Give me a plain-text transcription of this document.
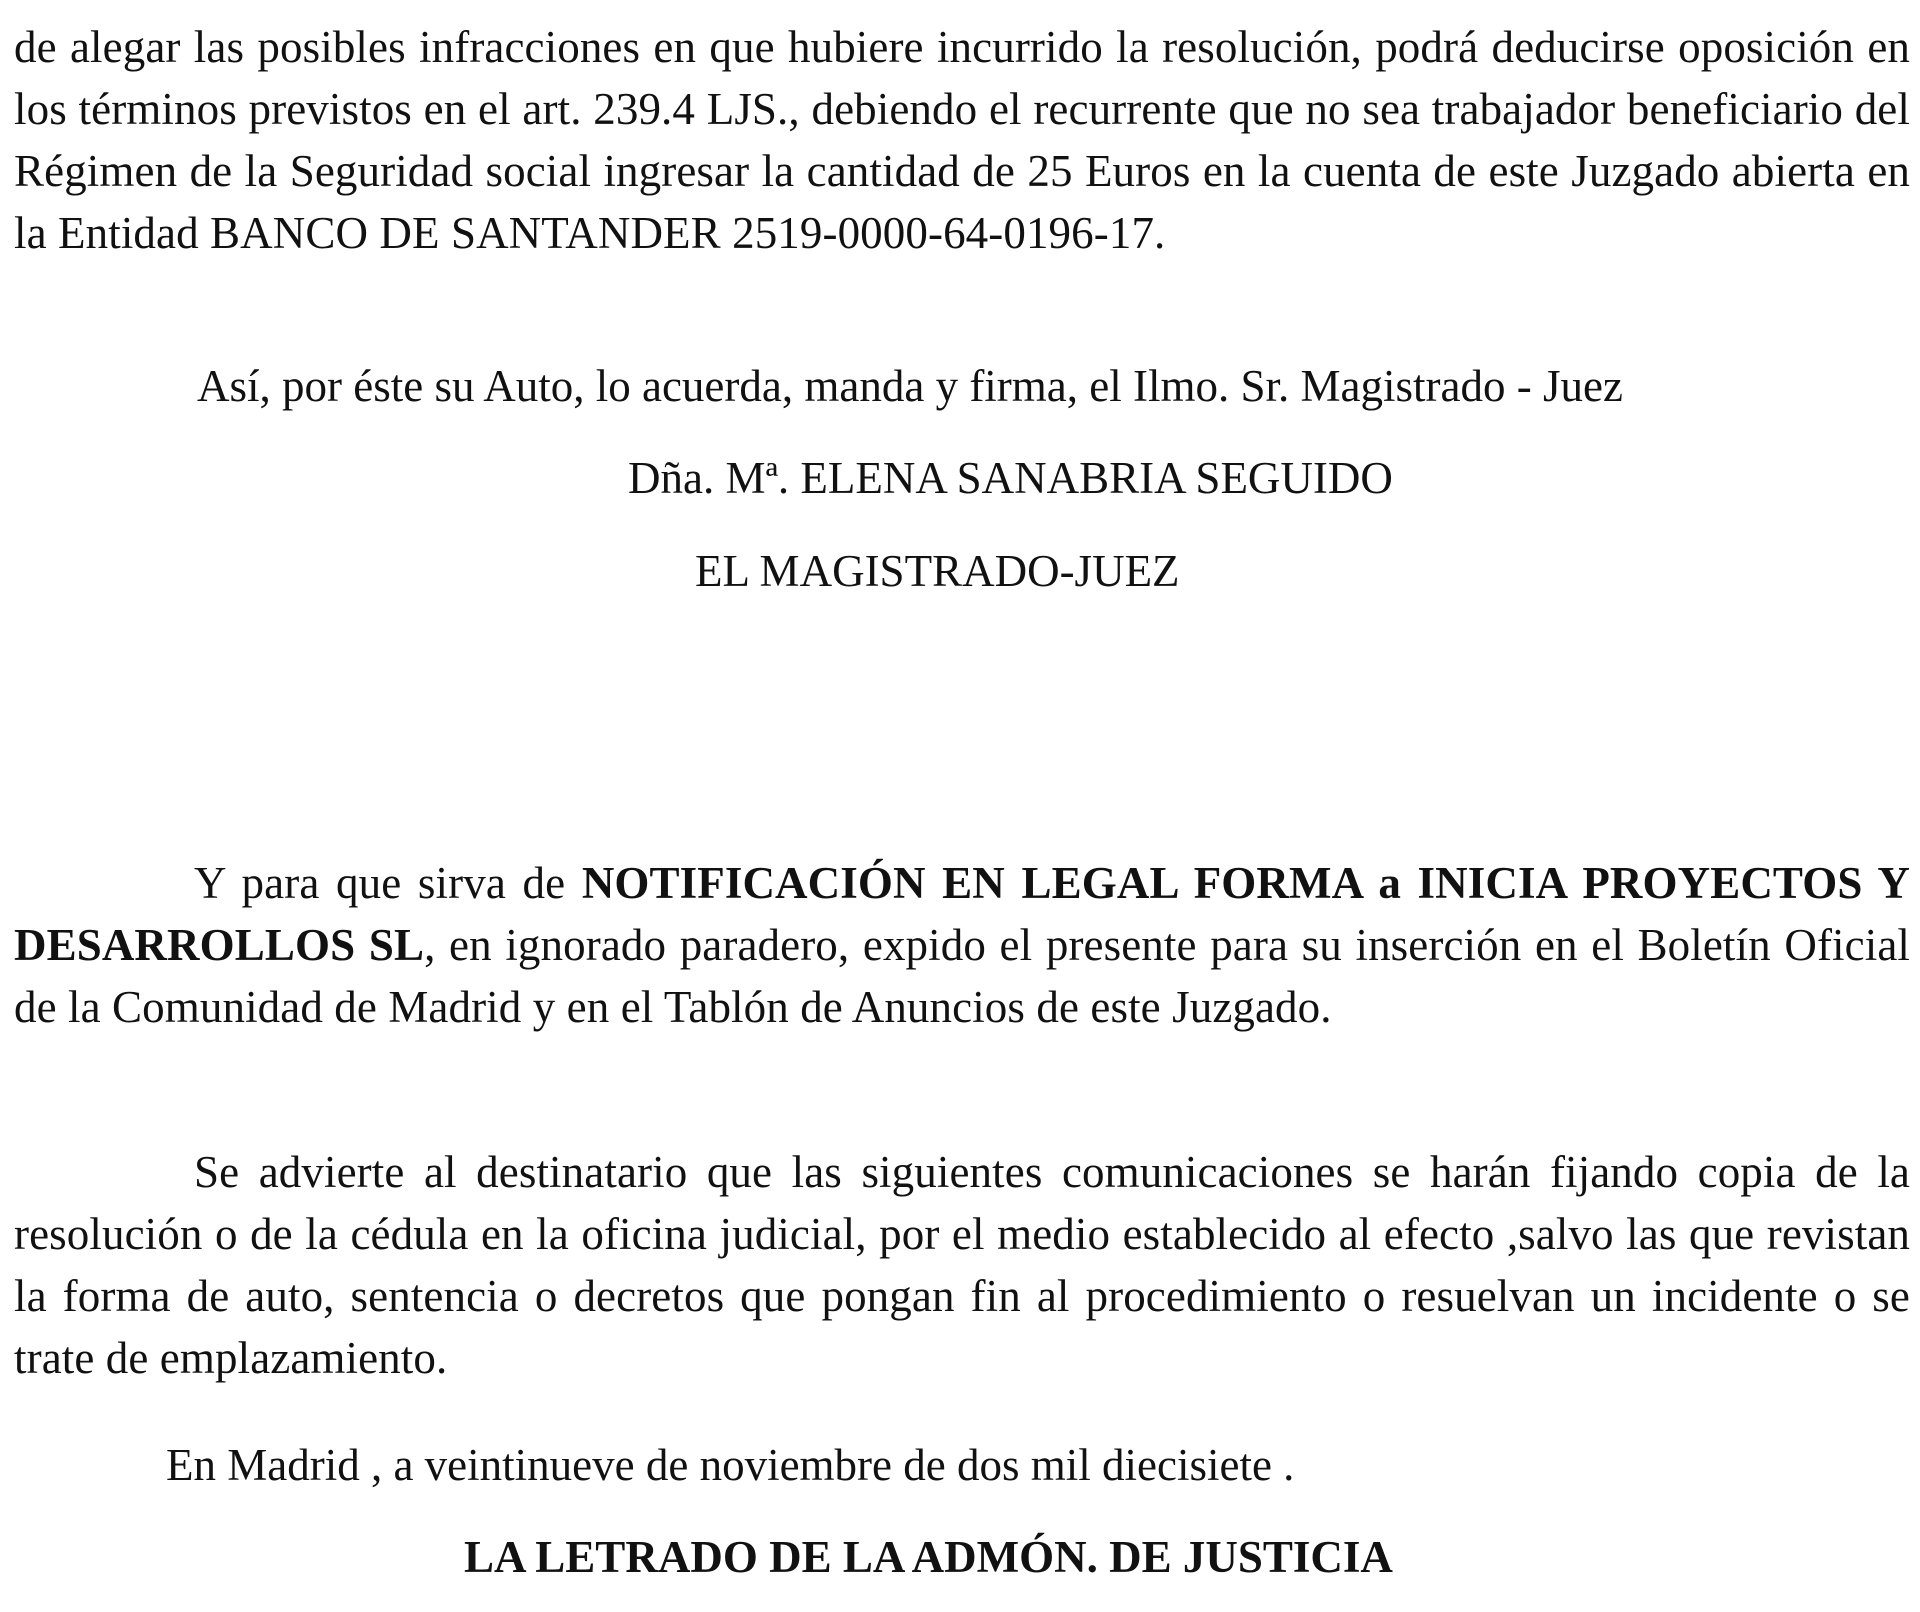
de alegar las posibles infracciones en que hubiere incurrido la resolución, podrá deducirse oposición en los términos previstos en el art. 239.4 LJS., debiendo el recurrente que no sea trabajador beneficiario del Régimen de la Seguridad social ingresar la cantidad de 25 Euros en la cuenta de este Juzgado abierta en la Entidad BANCO DE SANTANDER 2519-0000-64-0196-17.

Así, por éste su Auto, lo acuerda, manda y firma, el Ilmo. Sr. Magistrado - Juez

Dña. Mª. ELENA SANABRIA SEGUIDO

EL MAGISTRADO-JUEZ

Y para que sirva de NOTIFICACIÓN EN LEGAL FORMA a INICIA PROYECTOS Y DESARROLLOS SL, en ignorado paradero, expido el presente para su inserción en el Boletín Oficial de la Comunidad de Madrid y en el Tablón de Anuncios de este Juzgado.

Se advierte al destinatario que las siguientes comunicaciones se harán fijando copia de la resolución o de la cédula en la oficina judicial, por el medio establecido al efecto ,salvo las que revistan la forma de auto, sentencia o decretos que pongan fin al procedimiento o resuelvan un incidente o se trate de emplazamiento.

En Madrid , a veintinueve de noviembre de dos mil diecisiete .

LA LETRADO DE LA ADMÓN. DE JUSTICIA
